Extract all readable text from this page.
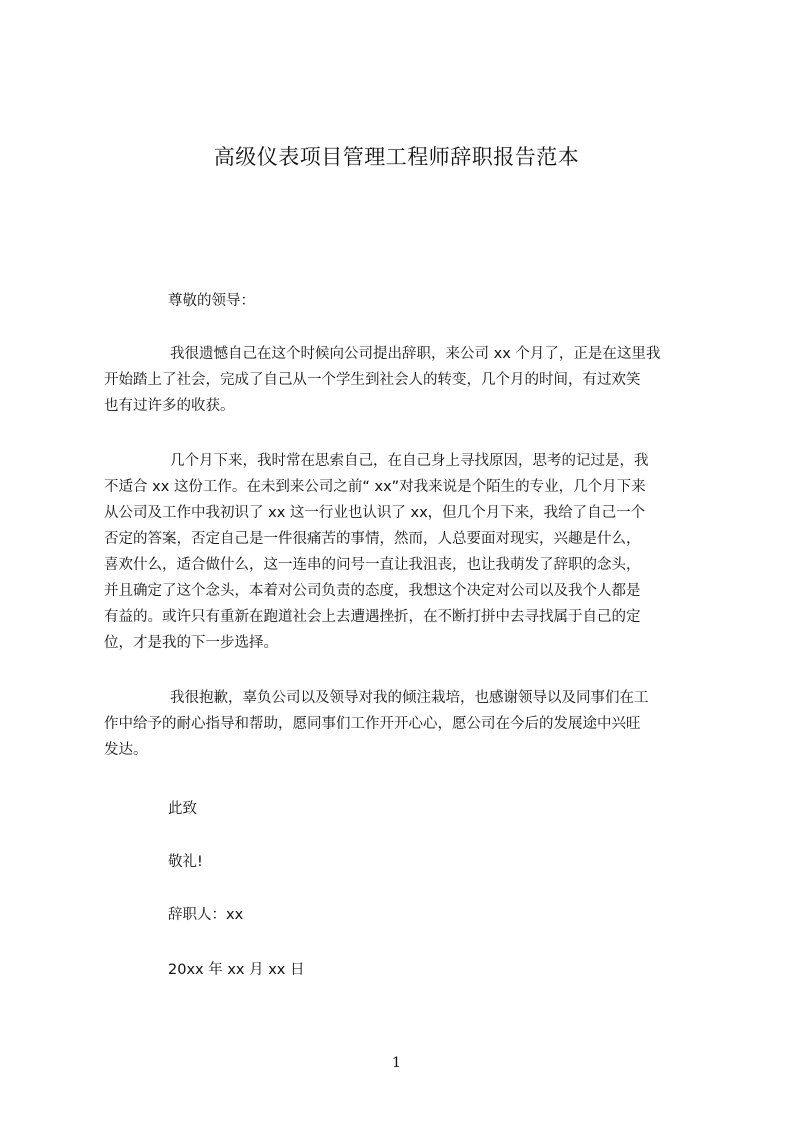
高级仪表项目管理工程师辞职报告范本
尊敬的领导：
我很遗憾自己在这个时候向公司提出辞职，来公司 xx 个月了，正是在这里我
开始踏上了社会，完成了自己从一个学生到社会人的转变，几个月的时间，有过欢笑
也有过许多的收获。
几个月下来，我时常在思索自己，在自己身上寻找原因，思考的记过是，我
不适合 xx 这份工作。在未到来公司之前“ xx”对我来说是个陌生的专业，几个月下来
从公司及工作中我初识了 xx 这一行业也认识了 xx，但几个月下来，我给了自己一个
否定的答案，否定自己是一件很痛苦的事情，然而，人总要面对现实，兴趣是什么，
喜欢什么，适合做什么，这一连串的问号一直让我沮丧，也让我萌发了辞职的念头，
并且确定了这个念头，本着对公司负责的态度，我想这个决定对公司以及我个人都是
有益的。或许只有重新在跑道社会上去遭遇挫折，在不断打拼中去寻找属于自己的定
位，才是我的下一步选择。
我很抱歉，辜负公司以及领导对我的倾注栽培，也感谢领导以及同事们在工
作中给予的耐心指导和帮助，愿同事们工作开开心心，愿公司在今后的发展途中兴旺
发达。
此致
敬礼!
辞职人：xx
20xx 年 xx 月 xx 日
1
